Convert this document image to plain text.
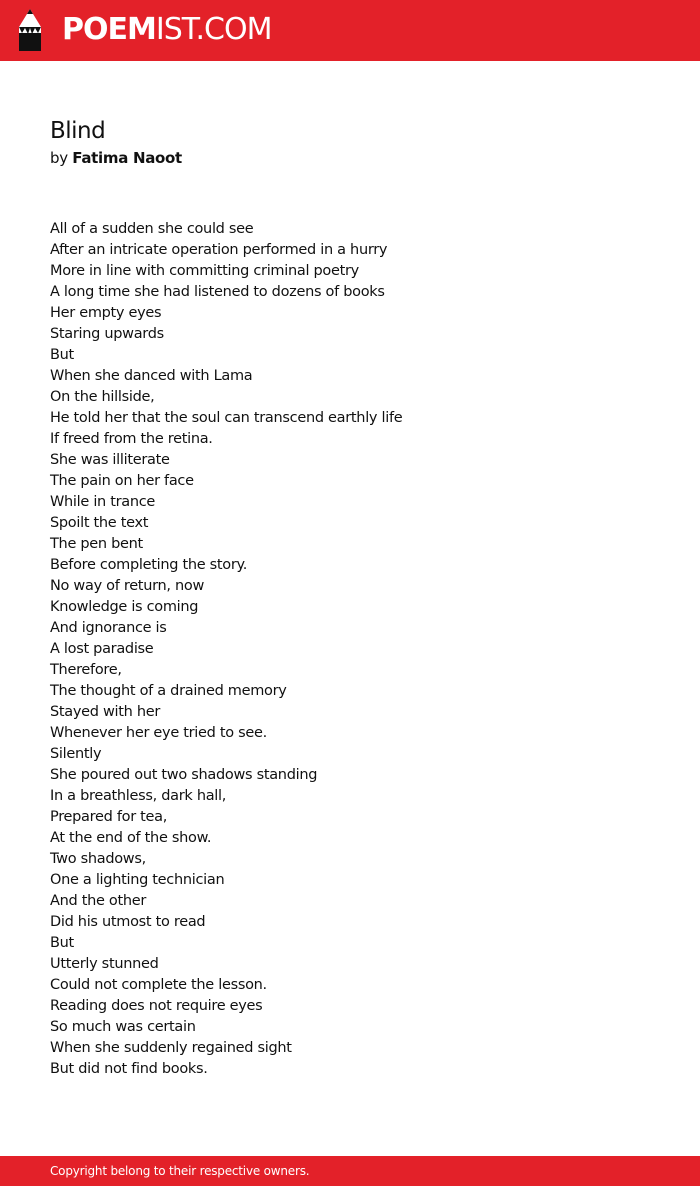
POEMIST.COM
Blind
by Fatima Naoot
All of a sudden she could see
After an intricate operation performed in a hurry
More in line with committing criminal poetry
A long time she had listened to dozens of books
Her empty eyes
Staring upwards
But
When she danced with Lama
On the hillside,
He told her that the soul can transcend earthly life
If freed from the retina.
She was illiterate
The pain on her face
While in trance
Spoilt the text
The pen bent
Before completing the story.
No way of return, now
Knowledge is coming
And ignorance is
A lost paradise
Therefore,
The thought of a drained memory
Stayed with her
Whenever her eye tried to see.
Silently
She poured out two shadows standing
In a breathless, dark hall,
Prepared for tea,
At the end of the show.
Two shadows,
One a lighting technician
And the other
Did his utmost to read
But
Utterly stunned
Could not complete the lesson.
Reading does not require eyes
So much was certain
When she suddenly regained sight
But did not find books.
Copyright belong to their respective owners.
